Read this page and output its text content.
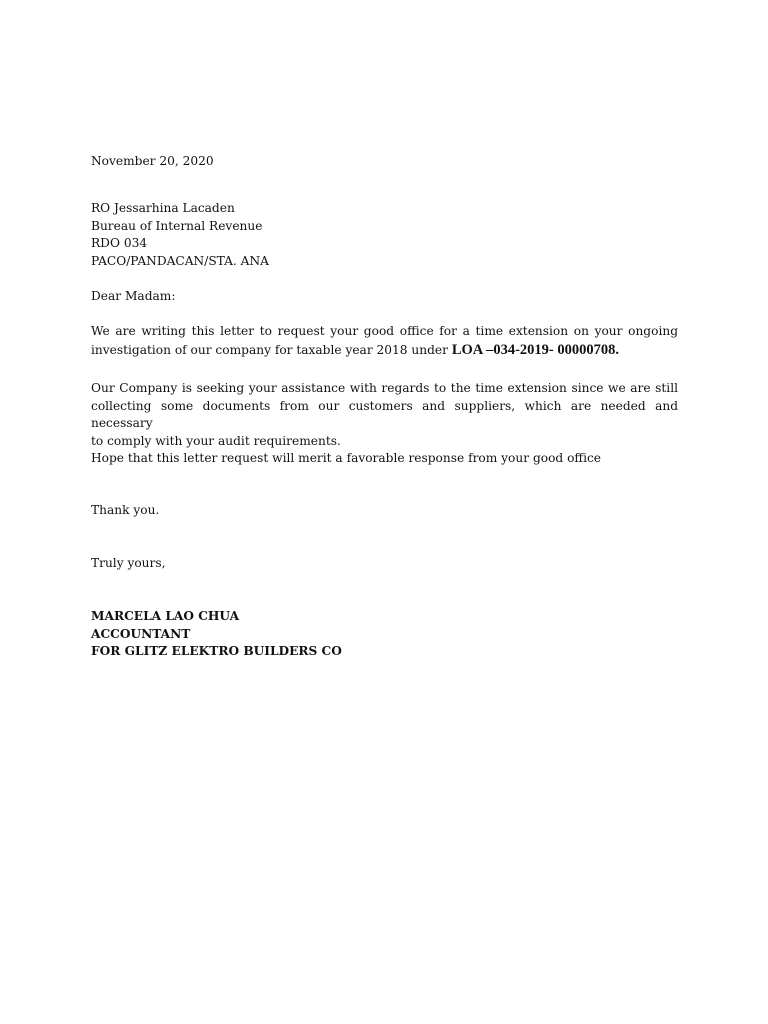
November 20, 2020
RO Jessarhina Lacaden
Bureau of Internal Revenue
RDO 034
PACO/PANDACAN/STA. ANA
Dear Madam:
We are writing this letter to request your good office for a time extension on your ongoing
investigation of our company for taxable year 2018 under LOA –034-2019- 00000708.
Our Company is seeking your assistance with regards to the time extension since we are still
collecting some documents from our customers and suppliers, which are needed and necessary
to comply with your audit requirements.
Hope that this letter request will merit a favorable response from your good office
Thank you.
Truly yours,
MARCELA LAO CHUA
ACCOUNTANT
FOR GLITZ ELEKTRO BUILDERS CO
